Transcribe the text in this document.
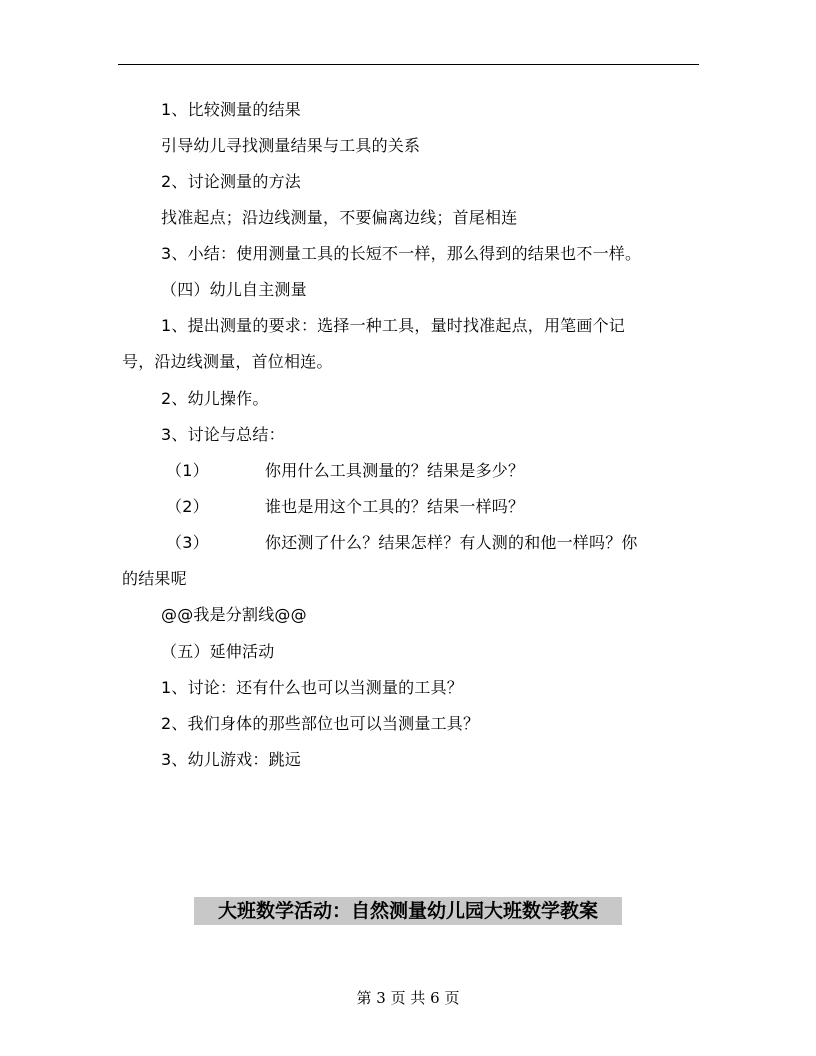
1、比较测量的结果
引导幼儿寻找测量结果与工具的关系
2、讨论测量的方法
找准起点；沿边线测量，不要偏离边线；首尾相连
3、小结：使用测量工具的长短不一样，那么得到的结果也不一样。
（四）幼儿自主测量
1、提出测量的要求：选择一种工具，量时找准起点，用笔画个记
号，沿边线测量，首位相连。
2、幼儿操作。
3、讨论与总结：
（1）	你用什么工具测量的？结果是多少？
（2）	谁也是用这个工具的？结果一样吗？
（3）	你还测了什么？结果怎样？有人测的和他一样吗？你
的结果呢
@@我是分割线@@
（五）延伸活动
1、讨论：还有什么也可以当测量的工具？
2、我们身体的那些部位也可以当测量工具？
3、幼儿游戏：跳远
大班数学活动：自然测量幼儿园大班数学教案
第 3 页 共 6 页
